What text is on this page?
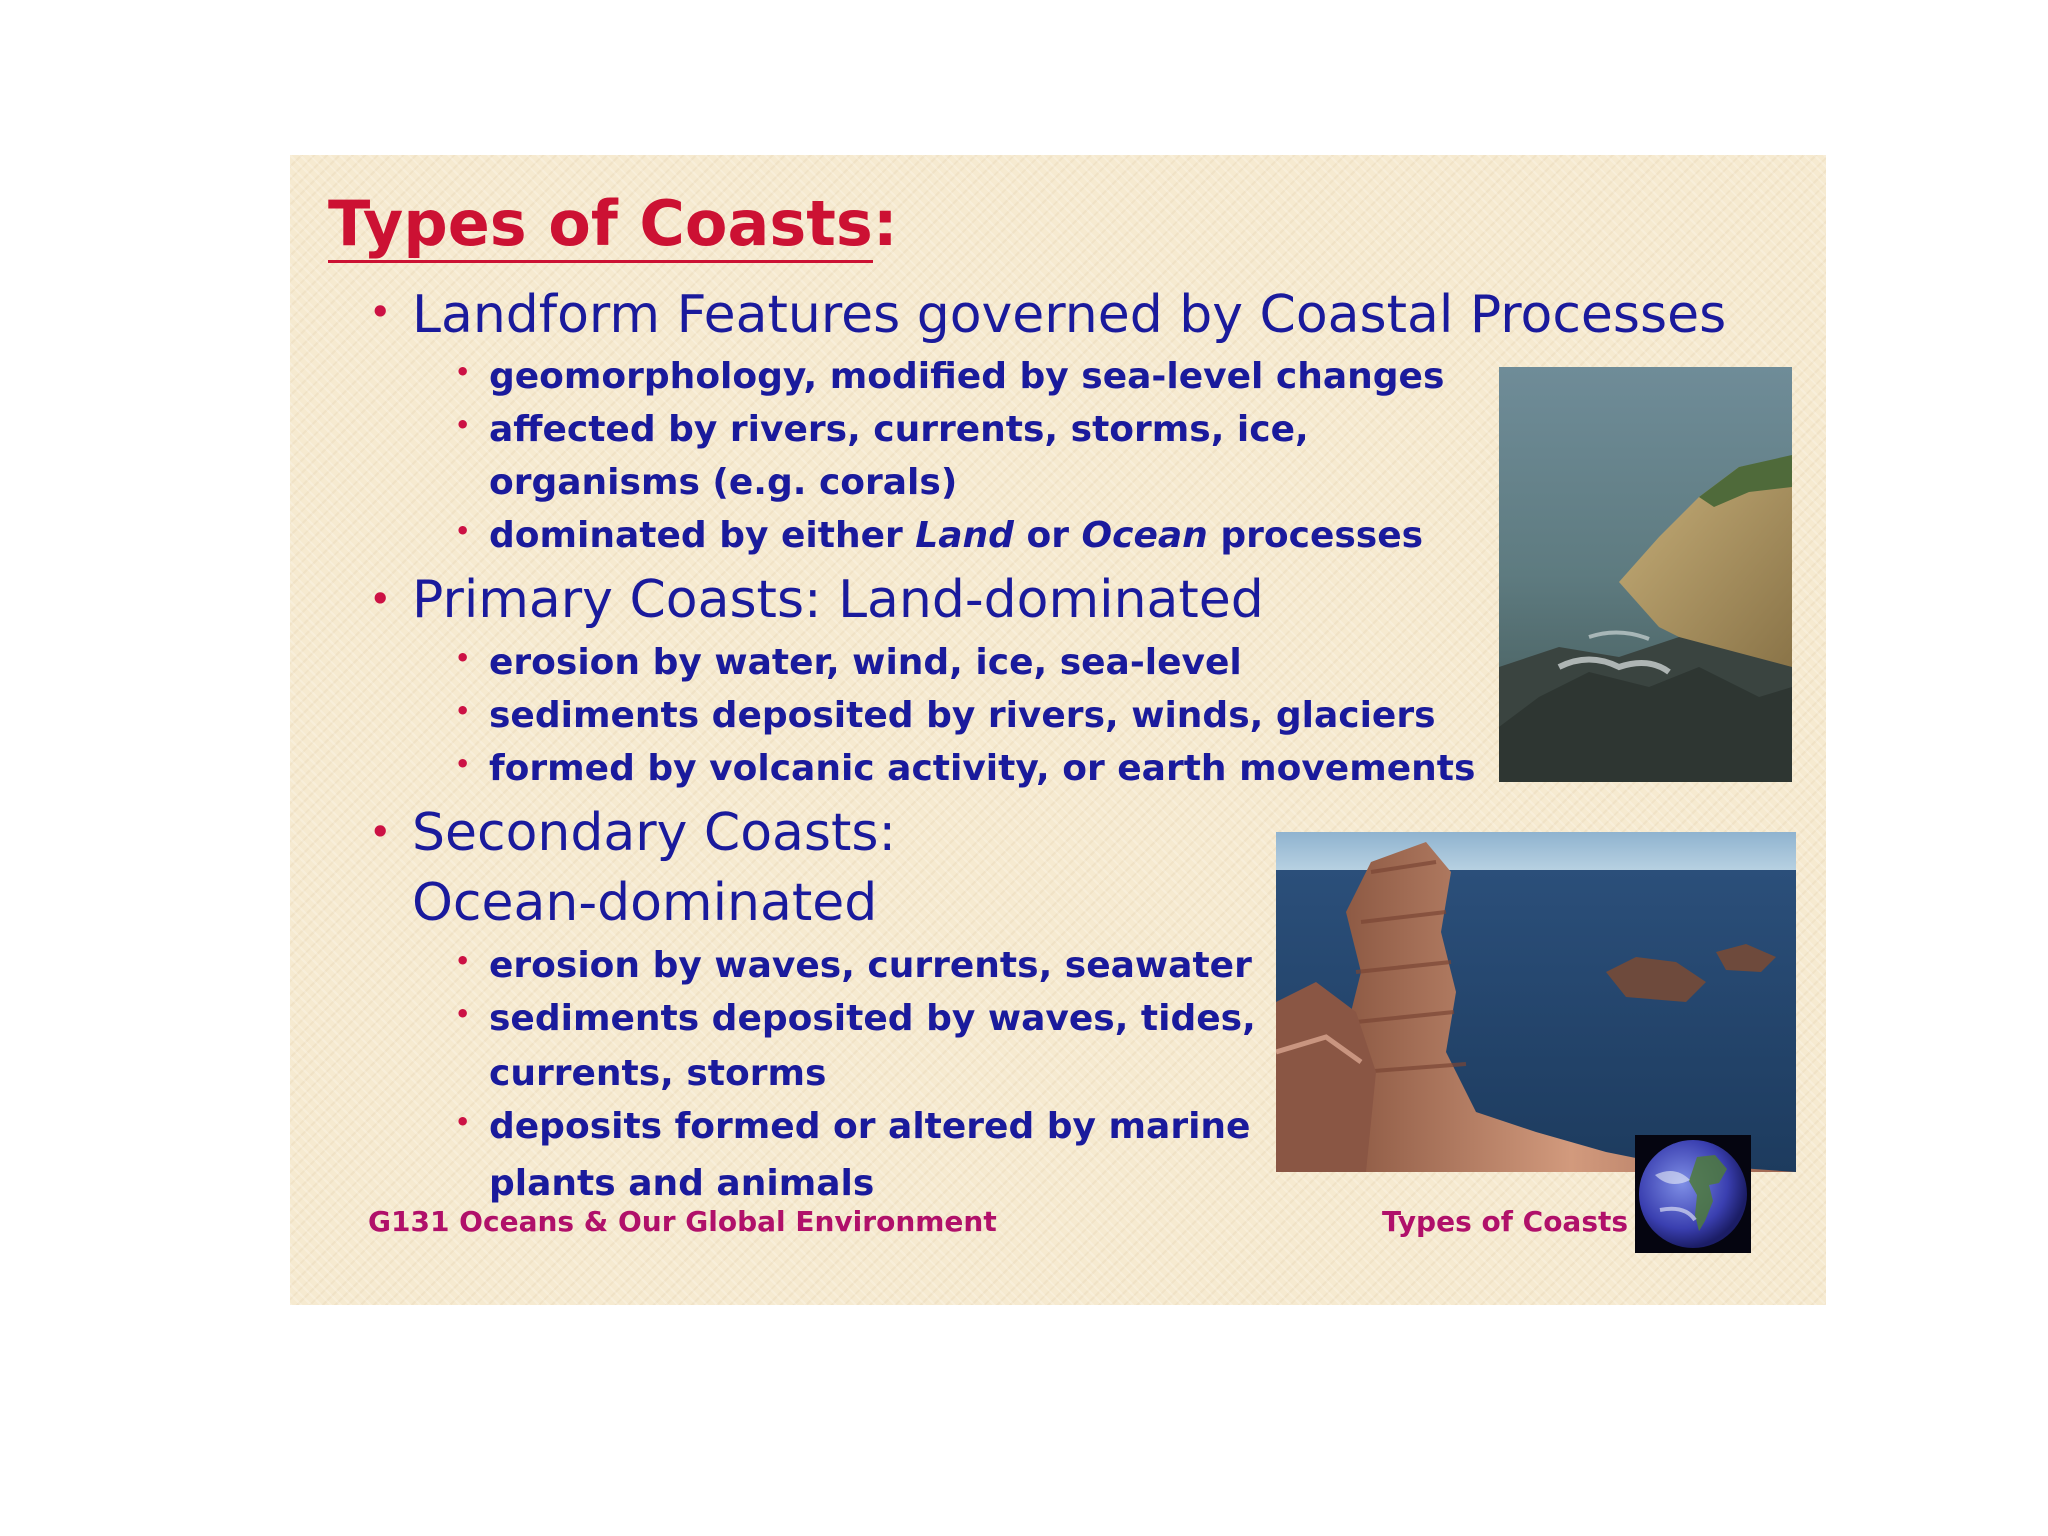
Types of Coasts:
• Landform Features governed by Coastal Processes
• geomorphology, modified by sea-level changes
• affected by rivers, currents, storms, ice,
organisms (e.g. corals)
• dominated by either Land or Ocean processes
• Primary Coasts: Land-dominated
• erosion by water, wind, ice, sea-level
• sediments deposited by rivers, winds, glaciers
• formed by volcanic activity, or earth movements
• Secondary Coasts:
Ocean-dominated
• erosion by waves, currents, seawater
• sediments deposited by waves, tides,
currents, storms
• deposits formed or altered by marine
plants and animals
G131 Oceans & Our Global Environment	Types of Coasts
